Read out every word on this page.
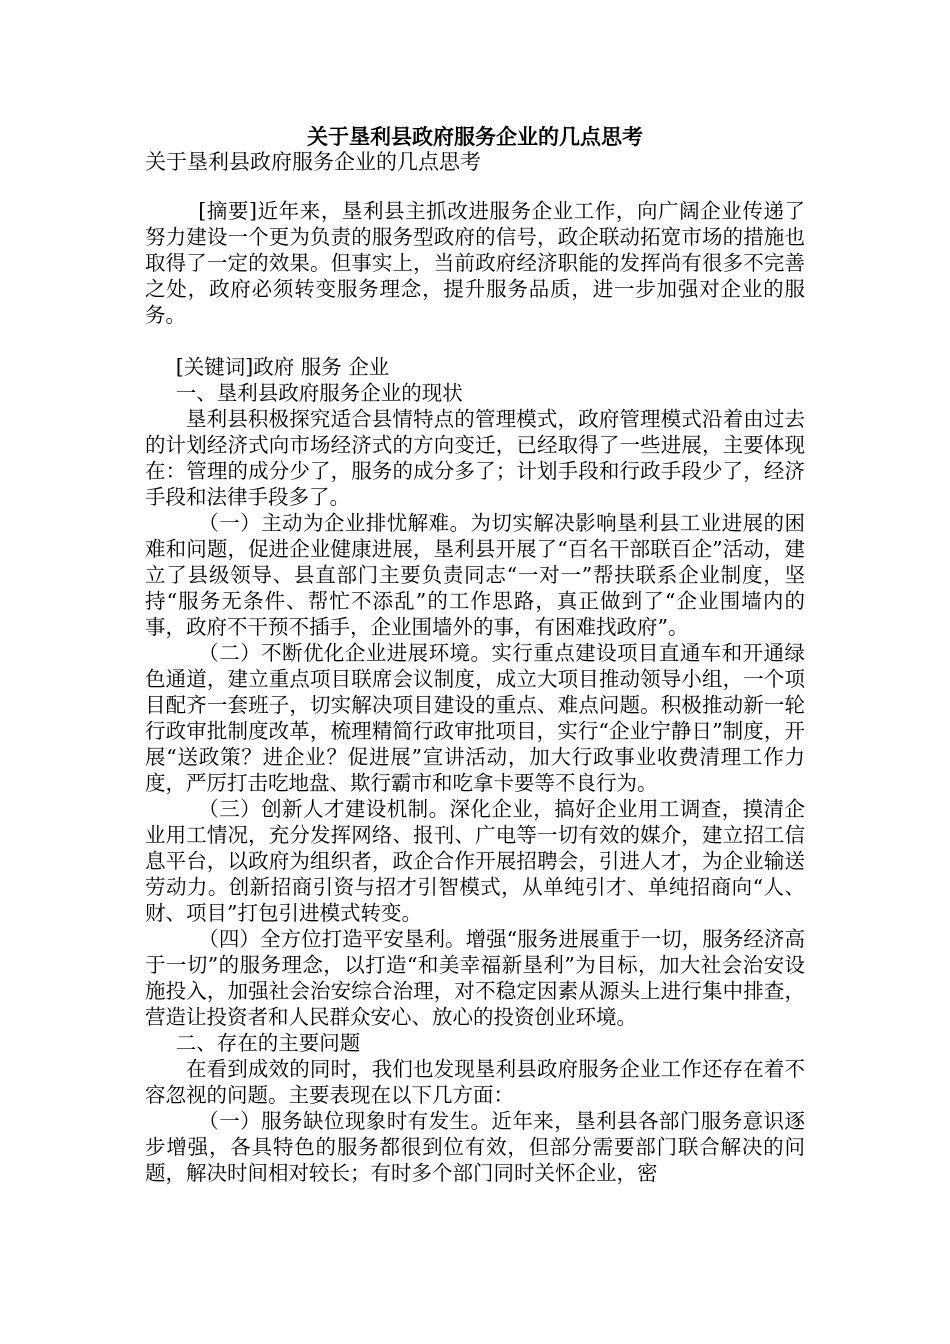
关于垦利县政府服务企业的几点思考
关于垦利县政府服务企业的几点思考

[摘要]近年来，垦利县主抓改进服务企业工作，向广阔企业传递了努力建设一个更为负责的服务型政府的信号，政企联动拓宽市场的措施也取得了一定的效果。但事实上，当前政府经济职能的发挥尚有很多不完善之处，政府必须转变服务理念，提升服务品质，进一步加强对企业的服务。

[关键词]政府 服务 企业

一、垦利县政府服务企业的现状

垦利县积极探究适合县情特点的管理模式，政府管理模式沿着由过去的计划经济式向市场经济式的方向变迁，已经取得了一些进展，主要体现在：管理的成分少了，服务的成分多了；计划手段和行政手段少了，经济手段和法律手段多了。

（一）主动为企业排忧解难。为切实解决影响垦利县工业进展的困难和问题，促进企业健康进展，垦利县开展了“百名干部联百企”活动，建立了县级领导、县直部门主要负责同志“一对一”帮扶联系企业制度，坚持“服务无条件、帮忙不添乱”的工作思路，真正做到了“企业围墙内的事，政府不干预不插手，企业围墙外的事，有困难找政府”。

（二）不断优化企业进展环境。实行重点建设项目直通车和开通绿色通道，建立重点项目联席会议制度，成立大项目推动领导小组，一个项目配齐一套班子，切实解决项目建设的重点、难点问题。积极推动新一轮行政审批制度改革，梳理精简行政审批项目，实行“企业宁静日”制度，开展“送政策？进企业？促进展”宣讲活动，加大行政事业收费清理工作力度，严厉打击吃地盘、欺行霸市和吃拿卡要等不良行为。

（三）创新人才建设机制。深化企业，搞好企业用工调查，摸清企业用工情况，充分发挥网络、报刊、广电等一切有效的媒介，建立招工信息平台，以政府为组织者，政企合作开展招聘会，引进人才，为企业输送劳动力。创新招商引资与招才引智模式，从单纯引才、单纯招商向“人、财、项目”打包引进模式转变。

（四）全方位打造平安垦利。增强“服务进展重于一切，服务经济高于一切”的服务理念，以打造“和美幸福新垦利”为目标，加大社会治安设施投入，加强社会治安综合治理，对不稳定因素从源头上进行集中排查，营造让投资者和人民群众安心、放心的投资创业环境。

二、存在的主要问题

在看到成效的同时，我们也发现垦利县政府服务企业工作还存在着不容忽视的问题。主要表现在以下几方面：

（一）服务缺位现象时有发生。近年来，垦利县各部门服务意识逐步增强，各具特色的服务都很到位有效，但部分需要部门联合解决的问题，解决时间相对较长；有时多个部门同时关怀企业，密
